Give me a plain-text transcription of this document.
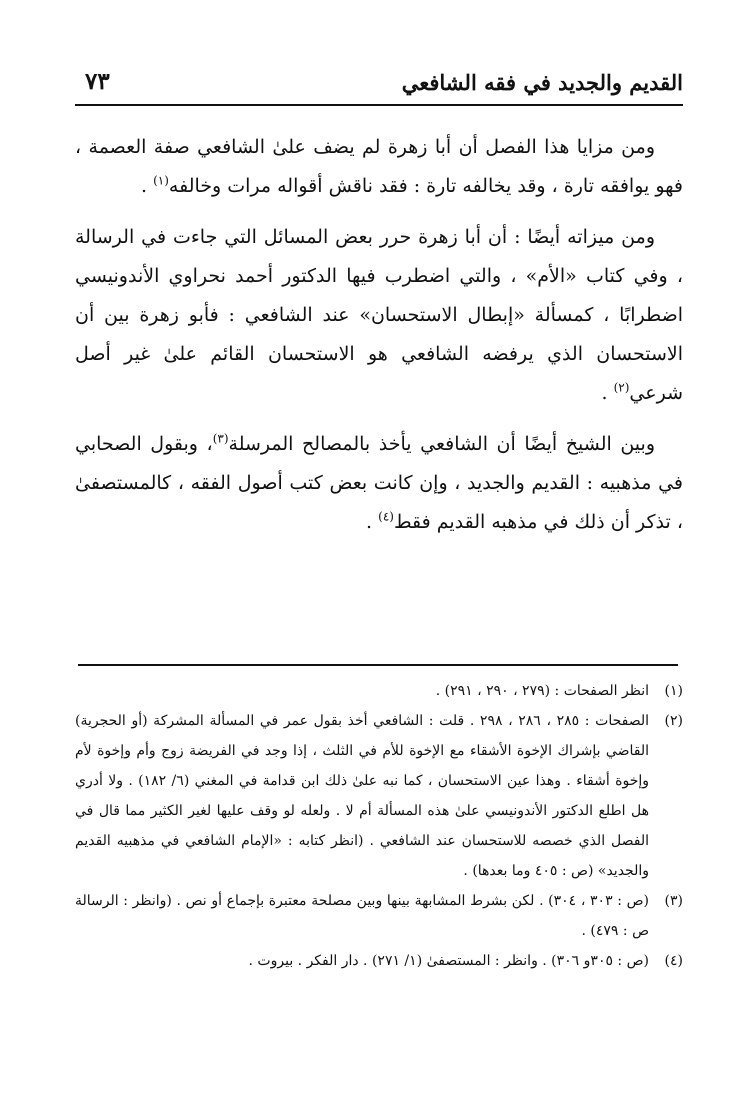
القديم والجديد في فقه الشافعي
٧٣

ومن مزايا هذا الفصل أن أبا زهرة لم يضف علىٰ الشافعي صفة العصمة ، فهو يوافقه تارة ، وقد يخالفه تارة : فقد ناقش أقواله مرات وخالفه$^{(١)}$ .

ومن ميزاته أيضًا : أن أبا زهرة حرر بعض المسائل التي جاءت في الرسالة ، وفي كتاب «الأم» ، والتي اضطرب فيها الدكتور أحمد نحراوي الأندونيسي اضطرابًا ، كمسألة «إبطال الاستحسان» عند الشافعي : فأبو زهرة بين أن الاستحسان الذي يرفضه الشافعي هو الاستحسان القائم علىٰ غير أصل شرعي$^{(٢)}$ .

وبين الشيخ أيضًا أن الشافعي يأخذ بالمصالح المرسلة$^{(٣)}$، وبقول الصحابي في مذهبيه : القديم والجديد ، وإن كانت بعض كتب أصول الفقه ، كالمستصفىٰ ، تذكر أن ذلك في مذهبه القديم فقط$^{(٤)}$ .

(١)
انظر الصفحات : (٢٧٩ ، ٢٩٠ ، ٢٩١) .
(٢)
الصفحات : ٢٨٥ ، ٢٨٦ ، ٢٩٨ . قلت : الشافعي أخذ بقول عمر في المسألة المشركة (أو الحجرية) القاضي بإشراك الإخوة الأشقاء مع الإخوة للأم في الثلث ، إذا وجد في الفريضة زوج وأم وإخوة لأم وإخوة أشقاء . وهذا عين الاستحسان ، كما نبه علىٰ ذلك ابن قدامة في المغني (٦/ ١٨٢) . ولا أدري هل اطلع الدكتور الأندونيسي علىٰ هذه المسألة أم لا . ولعله لو وقف عليها لغير الكثير مما قال في الفصل الذي خصصه للاستحسان عند الشافعي . (انظر كتابه : «الإمام الشافعي في مذهبيه القديم والجديد» (ص : ٤٠٥ وما بعدها) .
(٣)
(ص : ٣٠٣ ، ٣٠٤) . لكن بشرط المشابهة بينها وبين مصلحة معتبرة بإجماع أو نص . (وانظر : الرسالة ص : ٤٧٩) .
(٤)
(ص : ٣٠٥و ٣٠٦) . وانظر : المستصفىٰ (١/ ٢٧١) . دار الفكر . بيروت .
